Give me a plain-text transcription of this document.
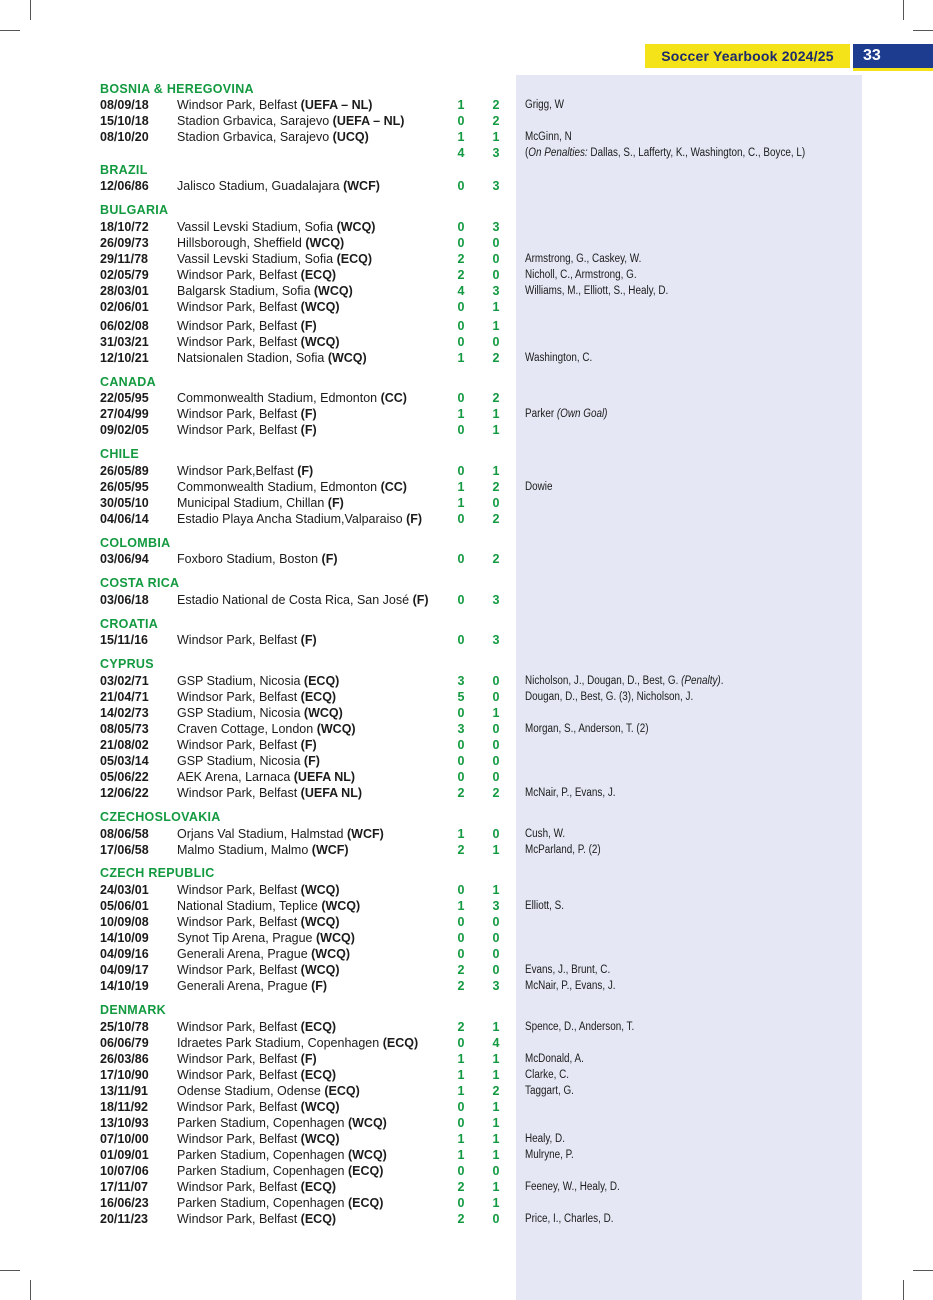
Soccer Yearbook 2024/25 33
BOSNIA & HEREGOVINA
08/09/18 Windsor Park, Belfast (UEFA – NL)	1	2	Grigg, W
15/10/18 Stadion Grbavica, Sarajevo (UEFA – NL)	0	2
08/10/20 Stadion Grbavica, Sarajevo (UCQ)	1	1	McGinn, N
4	3	(On Penalties: Dallas, S., Lafferty, K., Washington, C., Boyce, L)
BRAZIL
12/06/86 Jalisco Stadium, Guadalajara (WCF)	0	3
BULGARIA
18/10/72 Vassil Levski Stadium, Sofia (WCQ)	0	3
26/09/73 Hillsborough, Sheffield (WCQ)	0	0
29/11/78 Vassil Levski Stadium, Sofia (ECQ)	2	0	Armstrong, G., Caskey, W.
02/05/79 Windsor Park, Belfast (ECQ)	2	0	Nicholl, C., Armstrong, G.
28/03/01 Balgarsk Stadium, Sofia (WCQ)	4	3	Williams, M., Elliott, S., Healy, D.
02/06/01 Windsor Park, Belfast (WCQ)	0	1
06/02/08 Windsor Park, Belfast (F)	0	1
31/03/21 Windsor Park, Belfast (WCQ)	0	0
12/10/21 Natsionalen Stadion, Sofia (WCQ)	1	2	Washington, C.
CANADA
22/05/95 Commonwealth Stadium, Edmonton (CC)	0	2
27/04/99 Windsor Park, Belfast (F)	1	1	Parker (Own Goal)
09/02/05 Windsor Park, Belfast (F)	0	1
CHILE
26/05/89 Windsor Park,Belfast (F)	0	1
26/05/95 Commonwealth Stadium, Edmonton (CC)	1	2	Dowie
30/05/10 Municipal Stadium, Chillan (F)	1	0
04/06/14 Estadio Playa Ancha Stadium,Valparaiso (F)	0	2
COLOMBIA
03/06/94 Foxboro Stadium, Boston (F)	0	2
COSTA RICA
03/06/18 Estadio National de Costa Rica, San José (F)	0	3
CROATIA
15/11/16 Windsor Park, Belfast (F)	0	3
CYPRUS
03/02/71 GSP Stadium, Nicosia (ECQ)	3	0	Nicholson, J., Dougan, D., Best, G. (Penalty).
21/04/71 Windsor Park, Belfast (ECQ)	5	0	Dougan, D., Best, G. (3), Nicholson, J.
14/02/73 GSP Stadium, Nicosia (WCQ)	0	1
08/05/73 Craven Cottage, London (WCQ)	3	0	Morgan, S., Anderson, T. (2)
21/08/02 Windsor Park, Belfast (F)	0	0
05/03/14 GSP Stadium, Nicosia (F)	0	0
05/06/22 AEK Arena, Larnaca (UEFA NL)	0	0
12/06/22 Windsor Park, Belfast (UEFA NL)	2	2	McNair, P., Evans, J.
CZECHOSLOVAKIA
08/06/58 Orjans Val Stadium, Halmstad (WCF)	1	0	Cush, W.
17/06/58 Malmo Stadium, Malmo (WCF)	2	1	McParland, P. (2)
CZECH REPUBLIC
24/03/01 Windsor Park, Belfast (WCQ)	0	1
05/06/01 National Stadium, Teplice (WCQ)	1	3	Elliott, S.
10/09/08 Windsor Park, Belfast (WCQ)	0	0
14/10/09 Synot Tip Arena, Prague (WCQ)	0	0
04/09/16 Generali Arena, Prague (WCQ)	0	0
04/09/17 Windsor Park, Belfast (WCQ)	2	0	Evans, J., Brunt, C.
14/10/19 Generali Arena, Prague (F)	2	3	McNair, P., Evans, J.
DENMARK
25/10/78 Windsor Park, Belfast (ECQ)	2	1	Spence, D., Anderson, T.
06/06/79 Idraetes Park Stadium, Copenhagen (ECQ)	0	4
26/03/86 Windsor Park, Belfast (F)	1	1	McDonald, A.
17/10/90 Windsor Park, Belfast (ECQ)	1	1	Clarke, C.
13/11/91 Odense Stadium, Odense (ECQ)	1	2	Taggart, G.
18/11/92 Windsor Park, Belfast (WCQ)	0	1
13/10/93 Parken Stadium, Copenhagen (WCQ)	0	1
07/10/00 Windsor Park, Belfast (WCQ)	1	1	Healy, D.
01/09/01 Parken Stadium, Copenhagen (WCQ)	1	1	Mulryne, P.
10/07/06 Parken Stadium, Copenhagen (ECQ)	0	0
17/11/07 Windsor Park, Belfast (ECQ)	2	1	Feeney, W., Healy, D.
16/06/23 Parken Stadium, Copenhagen (ECQ)	0	1
20/11/23 Windsor Park, Belfast (ECQ)	2	0	Price, I., Charles, D.
